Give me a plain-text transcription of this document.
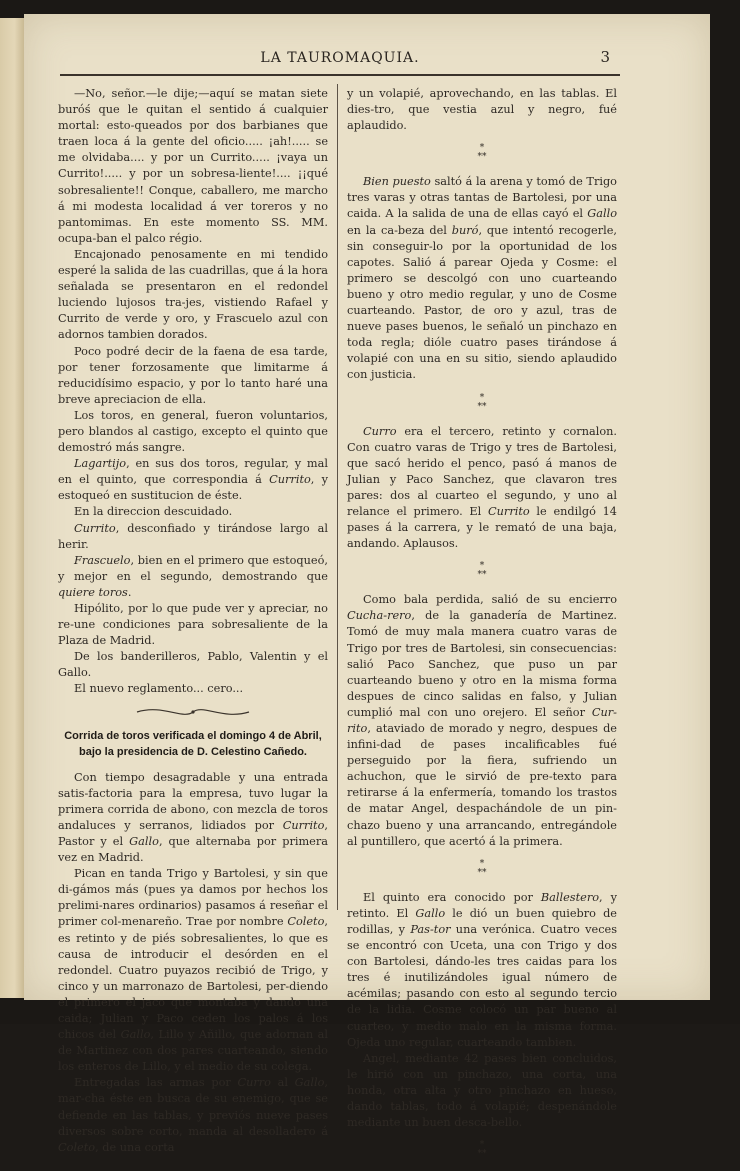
LA TAUROMAQUIA.	3

—No, señor.—le dije;—aquí se matan siete buróś que le quitan el sentido á cualquier mortal: esto-queados por dos barbianes que traen loca á la gente del oficio..... ¡ah!..... se me olvidaba.... y por un Currito..... ¡vaya un Currito!..... y por un sobresa-liente!.... ¡¡qué sobresaliente!! Conque, caballero, me marcho á mi modesta localidad á ver toreros y no pantomimas. En este momento SS. MM. ocupa-ban el palco régio.

Encajonado penosamente en mi tendido esperé la salida de las cuadrillas, que á la hora señalada se presentaron en el redondel luciendo lujosos tra-jes, vistiendo Rafael y Currito de verde y oro, y Frascuelo azul con adornos tambien dorados.

Poco podré decir de la faena de esa tarde, por tener forzosamente que limitarme á reducidísimo espacio, y por lo tanto haré una breve apreciacion de ella.

Los toros, en general, fueron voluntarios, pero blandos al castigo, excepto el quinto que demostró más sangre.

Lagartijo, en sus dos toros, regular, y mal en el quinto, que correspondia á Currito, y estoqueó en sustitucion de éste.

En la direccion descuidado.

Currito, desconfiado y tirándose largo al herir.

Frascuelo, bien en el primero que estoqueó, y mejor en el segundo, demostrando que quiere toros.

Hipólito, por lo que pude ver y apreciar, no re-une condiciones para sobresaliente de la Plaza de Madrid.

De los banderilleros, Pablo, Valentin y el Gallo.

El nuevo reglamento... cero...

Corrida de toros verificada el domingo 4 de Abril,
bajo la presidencia de D. Celestino Cañedo.

Con tiempo desagradable y una entrada satis-factoria para la empresa, tuvo lugar la primera corrida de abono, con mezcla de toros andaluces y serranos, lidiados por Currito, Pastor y el Gallo, que alternaba por primera vez en Madrid.

Pican en tanda Trigo y Bartolesi, y sin que di-gámos más (pues ya damos por hechos los prelimi-nares ordinarios) pasamos á reseñar el primer col-menareño. Trae por nombre Coleto, es retinto y de piés sobresalientes, lo que es causa de introducir el desórden en el redondel. Cuatro puyazos recibió de Trigo, y cinco y un marronazo de Bartolesi, per-diendo el primero el jaco que montaba y dando una caida; Julian y Paco ceden los palos á los chicos del Gallo, Lillo y Añillo, que adornan al de Martinez con dos pares cuarteando, siendo los enteros de Lillo, y el medio de su colega.

Entregadas las armas por Curro al Gallo, mar-cha éste en busca de su enemigo, que se defiende en las tablas, y previós nueve pases diversos sobre corto, manda al desolladero á Coleto, de una corta

y un volapié, aprovechando, en las tablas. El dies-tro, que vestia azul y negro, fué aplaudido.

*
**

Bien puesto saltó á la arena y tomó de Trigo tres varas y otras tantas de Bartolesi, por una caida. A la salida de una de ellas cayó el Gallo en la ca-beza del buró, que intentó recogerle, sin conseguir-lo por la oportunidad de los capotes. Salió á parear Ojeda y Cosme: el primero se descolgó con uno cuarteando bueno y otro medio regular, y uno de Cosme cuarteando. Pastor, de oro y azul, tras de nueve pases buenos, le señaló un pinchazo en toda regla; dióle cuatro pases tirándose á volapié con una en su sitio, siendo aplaudido con justicia.

*
**

Curro era el tercero, retinto y cornalon. Con cuatro varas de Trigo y tres de Bartolesi, que sacó herido el penco, pasó á manos de Julian y Paco Sanchez, que clavaron tres pares: dos al cuarteo el segundo, y uno al relance el primero. El Currito le endilgó 14 pases á la carrera, y le remató de una baja, andando. Aplausos.

*
**

Como bala perdida, salió de su encierro Cucha-rero, de la ganadería de Martinez. Tomó de muy mala manera cuatro varas de Trigo por tres de Bartolesi, sin consecuencias: salió Paco Sanchez, que puso un par cuarteando bueno y otro en la misma forma despues de cinco salidas en falso, y Julian cumplió mal con uno orejero. El señor Cur-rito, ataviado de morado y negro, despues de infini-dad de pases incalificables fué perseguido por la fiera, sufriendo un achuchon, que le sirvió de pre-texto para retirarse á la enfermería, tomando los trastos de matar Angel, despachándole de un pin-chazo bueno y una arrancando, entregándole al puntillero, que acertó á la primera.

*
**

El quinto era conocido por Ballestero, y retinto. El Gallo le dió un buen quiebro de rodillas, y Pas-tor una verónica. Cuatro veces se encontró con Uceta, una con Trigo y dos con Bartolesi, dándo-les tres caidas para los tres é inutilizándoles igual número de acémilas; pasando con esto al segundo tercio de la lidia. Cosme colocó un par bueno al cuarteo, y medio malo en la misma forma. Ojeda uno regular, cuarteando tambien.

Angel, mediante 42 pases bien concluidos, le hirió con un pinchazo, una corta, una honda, otra alta y otro pinchazo en hueso, dando tablas, todo á volapié; despenándole mediante un buen desca-bello.

*
**
